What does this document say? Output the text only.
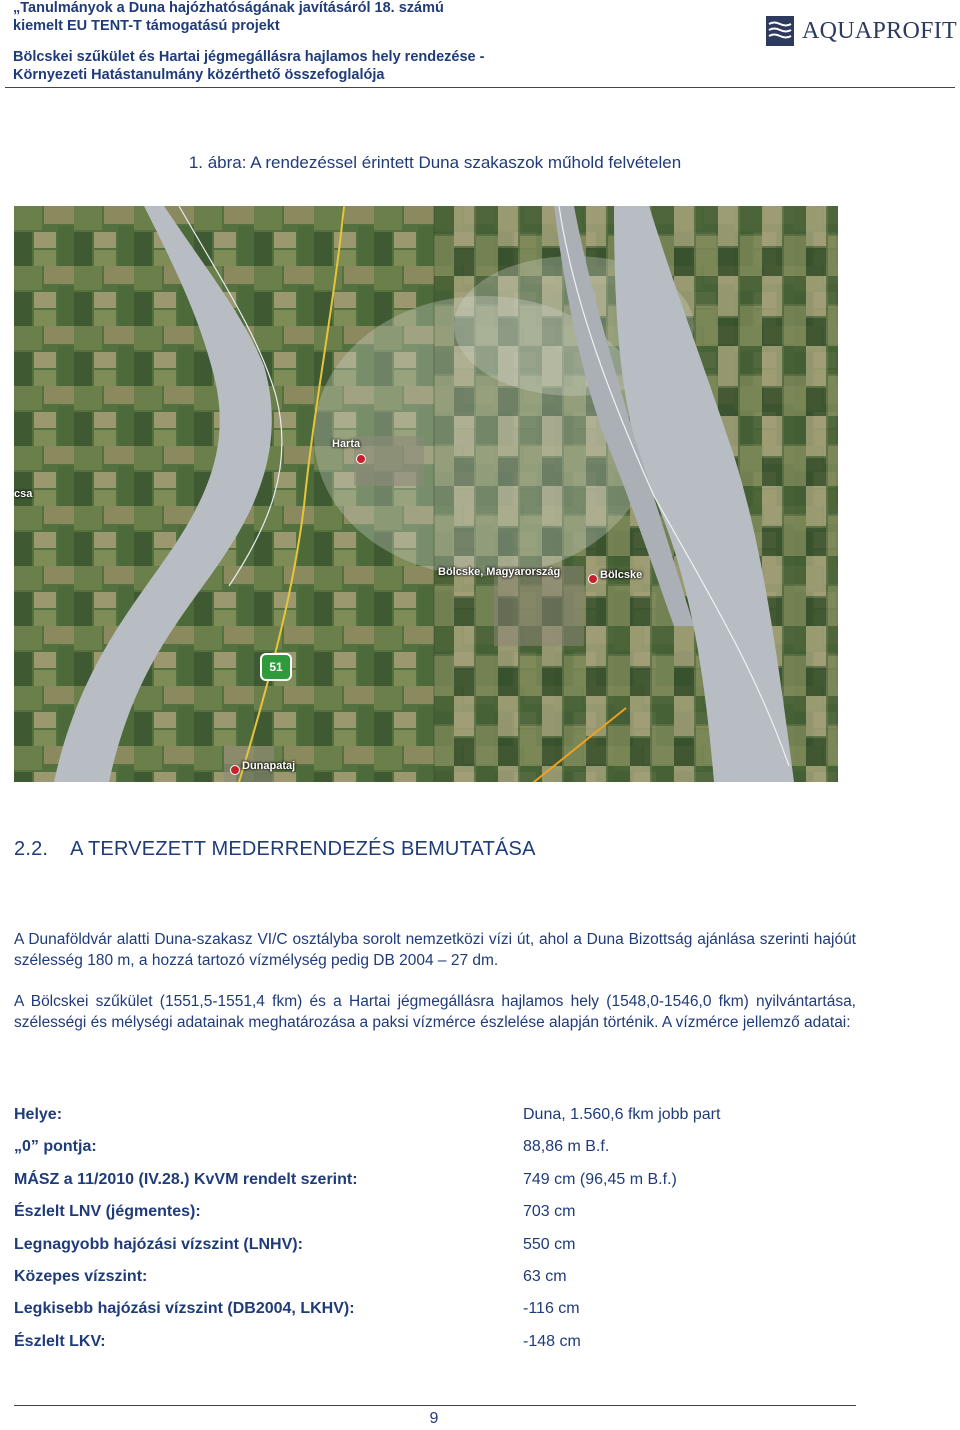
„Tanulmányok a Duna hajózhatóságának javításáról 18. számú
kiemelt EU TENT-T támogatású projekt
Bölcskei szűkület és Hartai jégmegállásra hajlamos hely rendezése -
Környezeti Hatástanulmány közérthető összefoglalója
AQUAPROFIT
1. ábra: A rendezéssel érintett Duna szakaszok műhold felvételen
Harta
Dunapataj
Bölcske, Magyarország	Bölcske
csa
51
2.2. A TERVEZETT MEDERRENDEZÉS BEMUTATÁSA
A Dunaföldvár alatti Duna-szakasz VI/C osztályba sorolt nemzetközi vízi út, ahol a Duna Bizottság ajánlása szerinti hajóút szélesség 180 m, a hozzá tartozó vízmélység pedig DB 2004 – 27 dm.
A Bölcskei szűkület (1551,5-1551,4 fkm) és a Hartai jégmegállásra hajlamos hely (1548,0-1546,0 fkm) nyilvántartása, szélességi és mélységi adatainak meghatározása a paksi vízmérce észlelése alapján történik. A vízmérce jellemző adatai:
Helye:	Duna, 1.560,6 fkm jobb part
„0” pontja:	88,86 m B.f.
MÁSZ a 11/2010 (IV.28.) KvVM rendelt szerint:	749 cm (96,45 m B.f.)
Észlelt LNV (jégmentes):	703 cm
Legnagyobb hajózási vízszint (LNHV):	550 cm
Közepes vízszint:	63 cm
Legkisebb hajózási vízszint (DB2004, LKHV):	-116 cm
Észlelt LKV:	-148 cm
9
